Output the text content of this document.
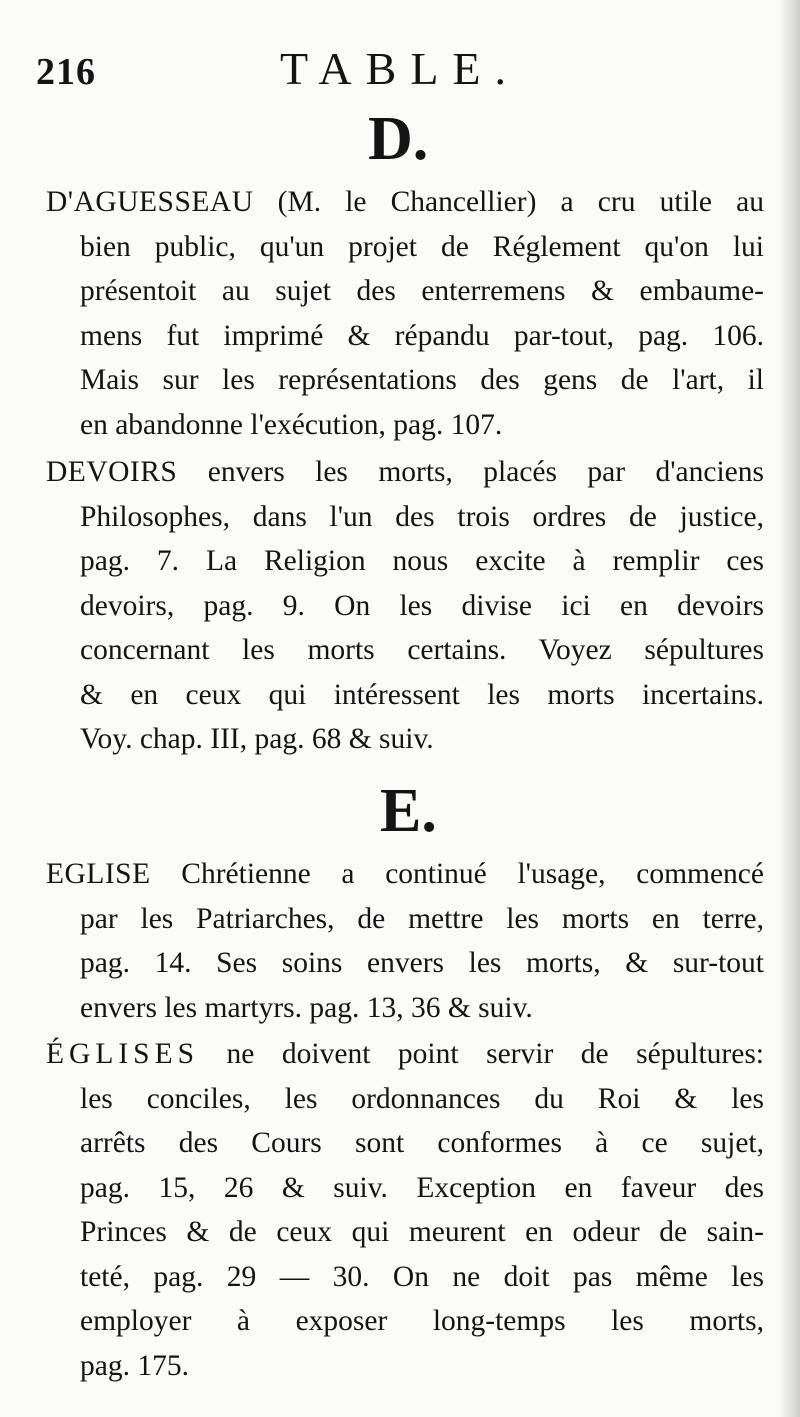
216	TABLE.
D.
D'AGUESSEAU (M. le Chancellier) a cru utile au
bien public, qu'un projet de Réglement qu'on lui
présentoit au sujet des enterremens & embaume-
mens fut imprimé & répandu par-tout, pag. 106.
Mais sur les représentations des gens de l'art, il
en abandonne l'exécution, pag. 107.
DEVOIRS envers les morts, placés par d'anciens
Philosophes, dans l'un des trois ordres de justice,
pag. 7. La Religion nous excite à remplir ces
devoirs, pag. 9. On les divise ici en devoirs
concernant les morts certains. Voyez sépultures
& en ceux qui intéressent les morts incertains.
Voy. chap. III, pag. 68 & suiv.
E.
EGLISE Chrétienne a continué l'usage, commencé
par les Patriarches, de mettre les morts en terre,
pag. 14. Ses soins envers les morts, & sur-tout
envers les martyrs. pag. 13, 36 & suiv.
ÉGLISES ne doivent point servir de sépultures:
les conciles, les ordonnances du Roi & les
arrêts des Cours sont conformes à ce sujet,
pag. 15, 26 & suiv. Exception en faveur des
Princes & de ceux qui meurent en odeur de sain-
teté, pag. 29 — 30. On ne doit pas même les
employer à exposer long-temps les morts,
pag. 175.
